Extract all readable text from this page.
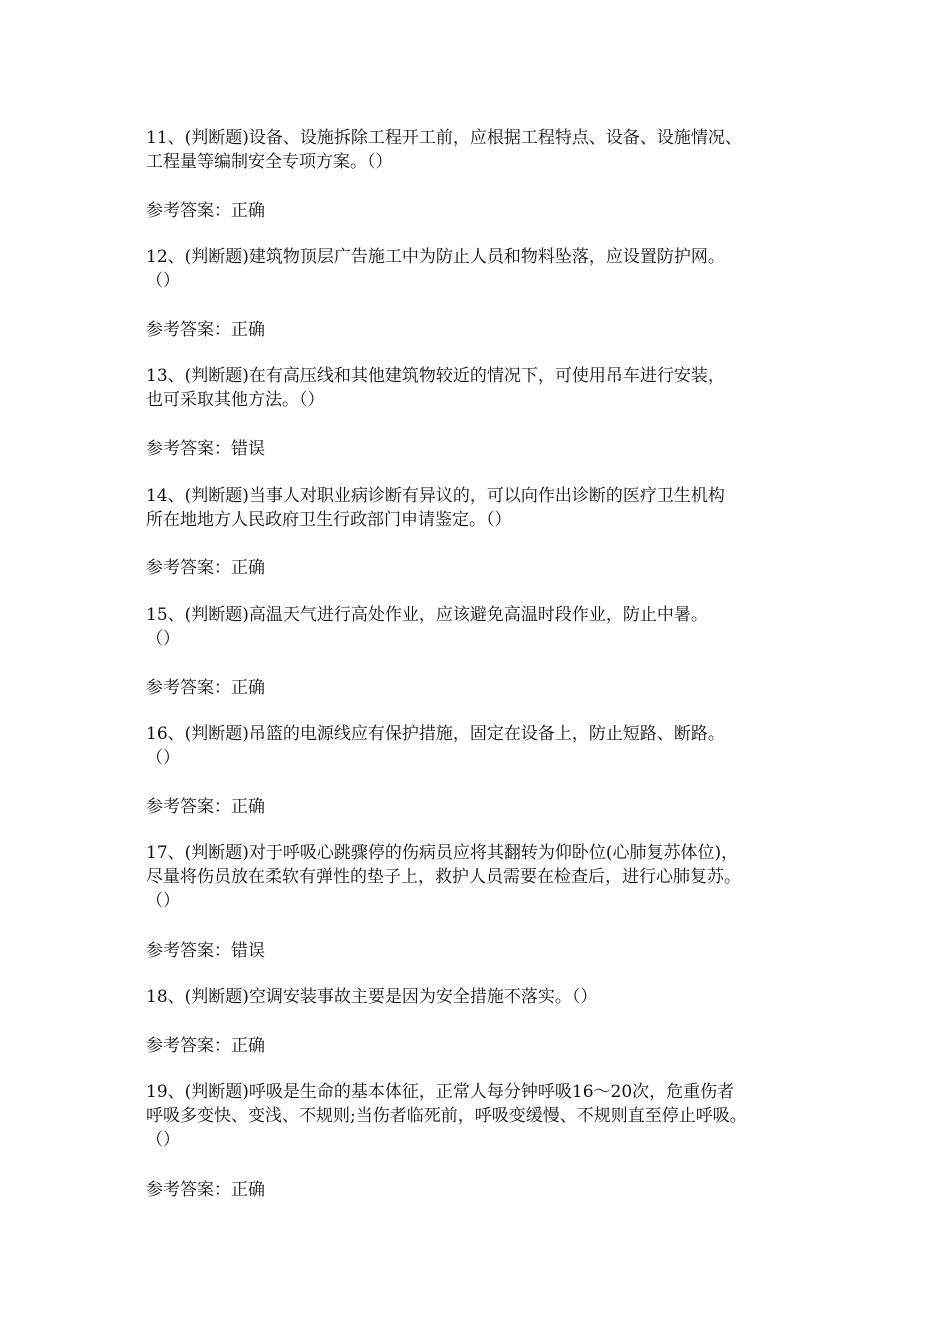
11、(判断题)设备、设施拆除工程开工前，应根据工程特点、设备、设施情况、
工程量等编制安全专项方案。（）
参考答案：正确
12、(判断题)建筑物顶层广告施工中为防止人员和物料坠落，应设置防护网。
（）
参考答案：正确
13、(判断题)在有高压线和其他建筑物较近的情况下，可使用吊车进行安装，
也可采取其他方法。（）
参考答案：错误
14、(判断题)当事人对职业病诊断有异议的，可以向作出诊断的医疗卫生机构
所在地地方人民政府卫生行政部门申请鉴定。（）
参考答案：正确
15、(判断题)高温天气进行高处作业，应该避免高温时段作业，防止中暑。
（）
参考答案：正确
16、(判断题)吊篮的电源线应有保护措施，固定在设备上，防止短路、断路。
（）
参考答案：正确
17、(判断题)对于呼吸心跳骤停的伤病员应将其翻转为仰卧位(心肺复苏体位)，
尽量将伤员放在柔软有弹性的垫子上，救护人员需要在检查后，进行心肺复苏。
（）
参考答案：错误
18、(判断题)空调安装事故主要是因为安全措施不落实。（）
参考答案：正确
19、(判断题)呼吸是生命的基本体征，正常人每分钟呼吸16～20次，危重伤者
呼吸多变快、变浅、不规则;当伤者临死前，呼吸变缓慢、不规则直至停止呼吸。
（）
参考答案：正确
